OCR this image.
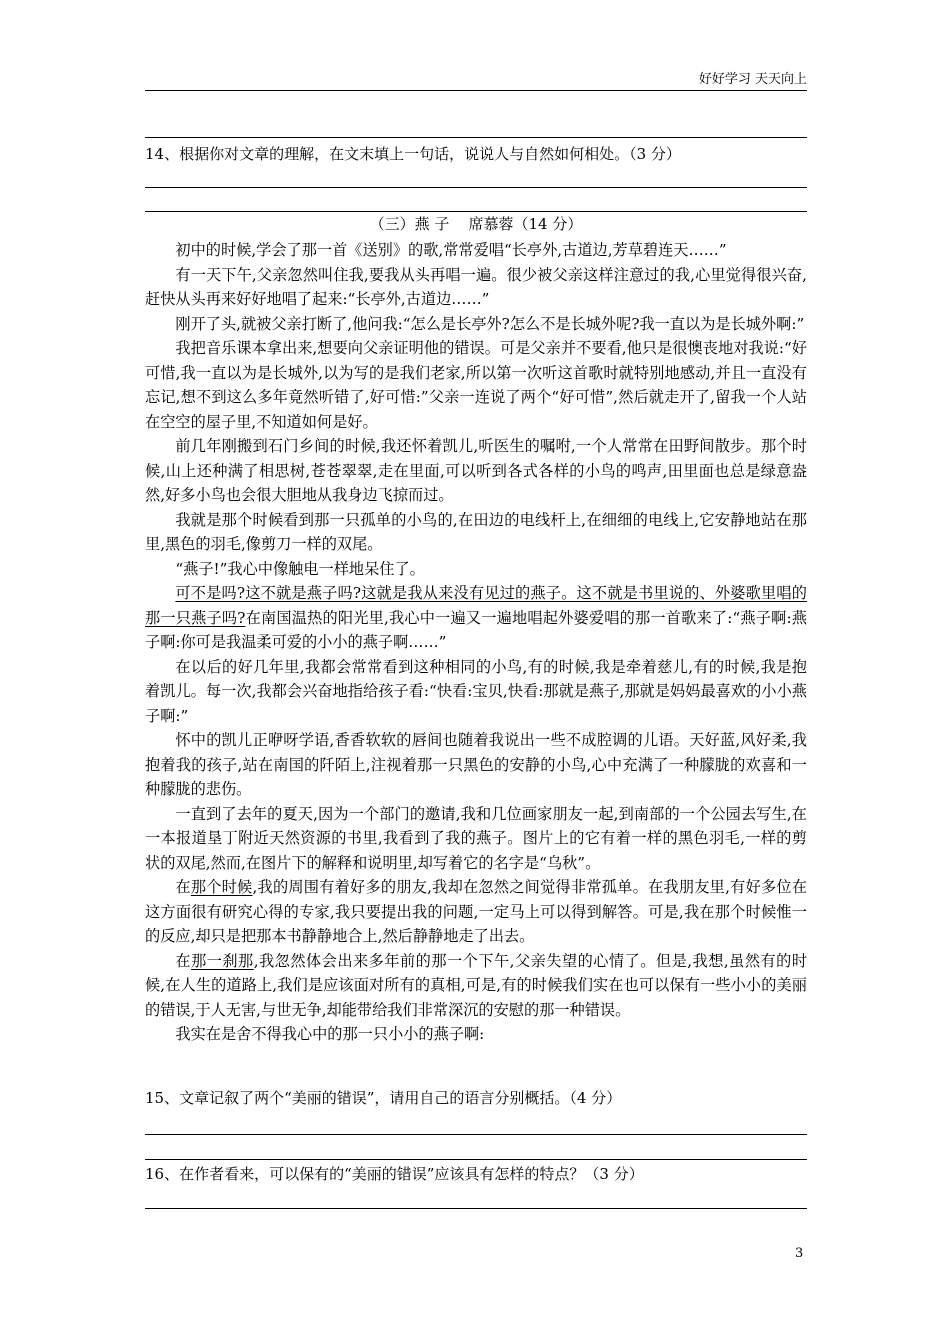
好好学习 天天向上
14、根据你对文章的理解，在文末填上一句话，说说人与自然如何相处。（3 分）
（三）燕 子    席慕蓉（14 分）

初中的时候,学会了那一首《送别》的歌,常常爱唱“长亭外,古道边,芳草碧连天……”

有一天下午,父亲忽然叫住我,要我从头再唱一遍。很少被父亲这样注意过的我,心里觉得很兴奋,赶快从头再来好好地唱了起来:“长亭外,古道边……”

刚开了头,就被父亲打断了,他问我:“怎么是长亭外?怎么不是长城外呢?我一直以为是长城外啊:”

我把音乐课本拿出来,想要向父亲证明他的错误。可是父亲并不要看,他只是很懊丧地对我说:“好可惜,我一直以为是长城外,以为写的是我们老家,所以第一次听这首歌时就特别地感动,并且一直没有忘记,想不到这么多年竟然听错了,好可惜:”父亲一连说了两个“好可惜”,然后就走开了,留我一个人站在空空的屋子里,不知道如何是好。

前几年刚搬到石门乡间的时候,我还怀着凯儿,听医生的嘱咐,一个人常常在田野间散步。那个时候,山上还种满了相思树,苍苍翠翠,走在里面,可以听到各式各样的小鸟的鸣声,田里面也总是绿意盎然,好多小鸟也会很大胆地从我身边飞掠而过。

我就是那个时候看到那一只孤单的小鸟的,在田边的电线杆上,在细细的电线上,它安静地站在那里,黑色的羽毛,像剪刀一样的双尾。

“燕子!”我心中像触电一样地呆住了。

可不是吗?这不就是燕子吗?这就是我从来没有见过的燕子。这不就是书里说的、外婆歌里唱的那一只燕子吗?在南国温热的阳光里,我心中一遍又一遍地唱起外婆爱唱的那一首歌来了:“燕子啊:燕子啊:你可是我温柔可爱的小小的燕子啊……”

在以后的好几年里,我都会常常看到这种相同的小鸟,有的时候,我是牵着慈儿,有的时候,我是抱着凯儿。每一次,我都会兴奋地指给孩子看:“快看:宝贝,快看:那就是燕子,那就是妈妈最喜欢的小小燕子啊:”

怀中的凯儿正咿呀学语,香香软软的唇间也随着我说出一些不成腔调的儿语。天好蓝,风好柔,我抱着我的孩子,站在南国的阡陌上,注视着那一只黑色的安静的小鸟,心中充满了一种朦胧的欢喜和一种朦胧的悲伤。

一直到了去年的夏天,因为一个部门的邀请,我和几位画家朋友一起,到南部的一个公园去写生,在一本报道垦丁附近天然资源的书里,我看到了我的燕子。图片上的它有着一样的黑色羽毛,一样的剪状的双尾,然而,在图片下的解释和说明里,却写着它的名字是“乌秋”。

在那个时候,我的周围有着好多的朋友,我却在忽然之间觉得非常孤单。在我朋友里,有好多位在这方面很有研究心得的专家,我只要提出我的问题,一定马上可以得到解答。可是,我在那个时候惟一的反应,却只是把那本书静静地合上,然后静静地走了出去。

在那一刹那,我忽然体会出来多年前的那一个下午,父亲失望的心情了。但是,我想,虽然有的时候,在人生的道路上,我们是应该面对所有的真相,可是,有的时候我们实在也可以保有一些小小的美丽的错误,于人无害,与世无争,却能带给我们非常深沉的安慰的那一种错误。

我实在是舍不得我心中的那一只小小的燕子啊:

15、文章记叙了两个“美丽的错误”，请用自己的语言分别概括。（4 分）
16、在作者看来，可以保有的“美丽的错误”应该具有怎样的特点？（3 分）
3
